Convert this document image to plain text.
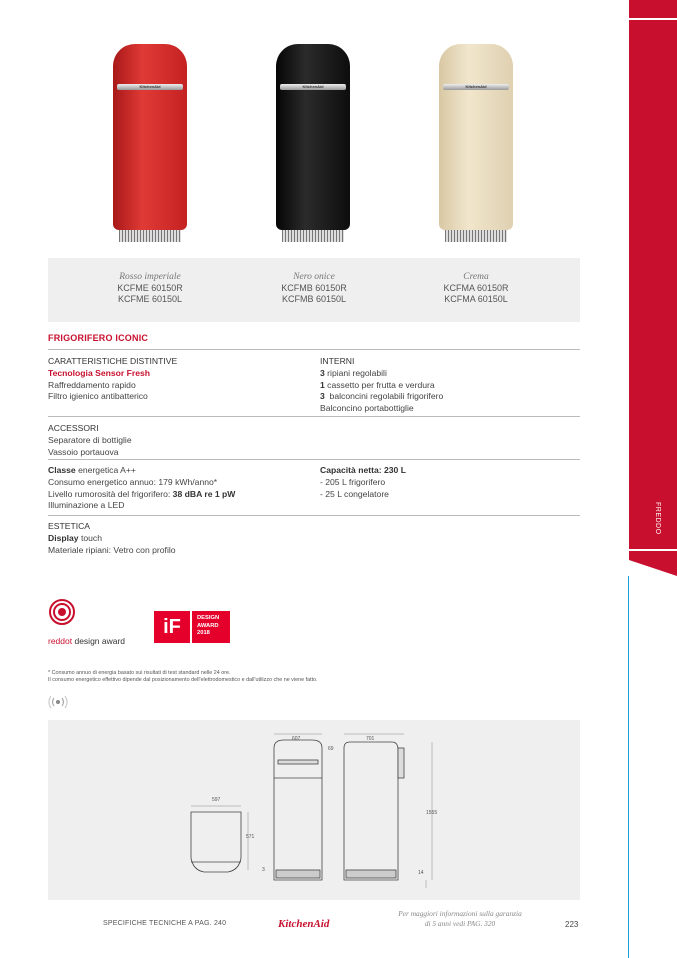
FREDDO
KitchenAid	KitchenAid	KitchenAid
Rosso imperiale
KCFME 60150R
KCFME 60150L
Nero onice
KCFMB 60150R
KCFMB 60150L
Crema
KCFMA 60150R
KCFMA 60150L
FRIGORIFERO ICONIC
CARATTERISTICHE DISTINTIVE
Tecnologia Sensor Fresh
Raffreddamento rapido
Filtro igienico antibatterico
INTERNI
3 ripiani regolabili
1 cassetto per frutta e verdura
3  balconcini regolabili frigorifero
Balconcino portabottiglie
ACCESSORI
Separatore di bottiglie
Vassoio portauova
Classe energetica A++
Consumo energetico annuo: 179 kWh/anno*
Livello rumorosità del frigorifero: 38 dBA re 1 pW
Illuminazione a LED
Capacità netta: 230 L
- 205 L frigorifero
- 25 L congelatore
ESTETICA
Display touch
Materiale ripiani: Vetro con profilo
reddot design award
iF	DESIGN
AWARD
2018
* Consumo annuo di energia basato sui risultati di test standard nelle 24 ore.
Il consumo energetico effettivo dipende dal posizionamento dell'elettrodomestico e dall'utilizzo che ne viene fatto.
597
571
3
607
69
701
1555
14
SPECIFICHE TECNICHE A PAG. 240	KitchenAid
Per maggiori informazioni sulla garanzia
di 5 anni vedi PAG. 320	223
